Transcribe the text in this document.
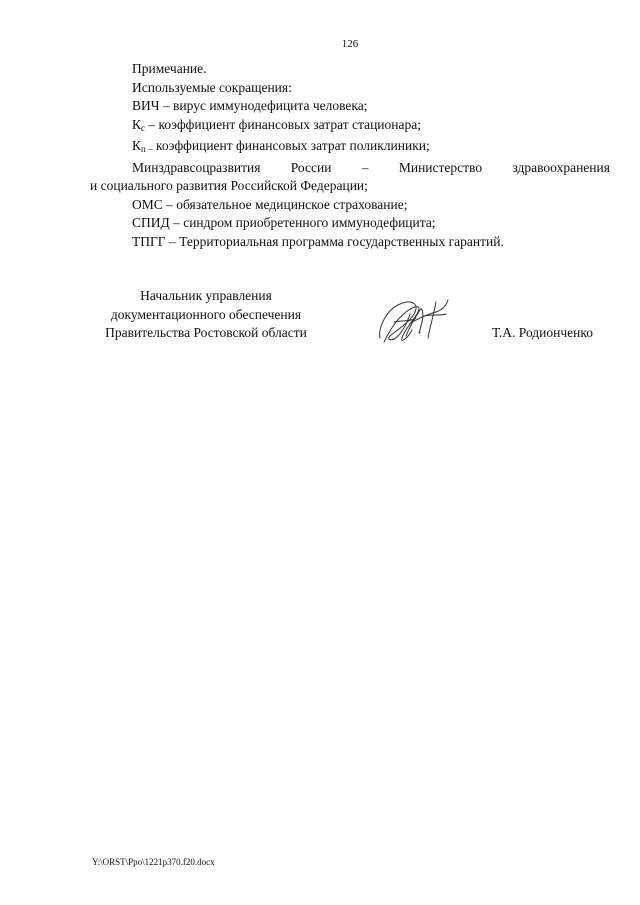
126
Примечание.
Используемые сокращения:
ВИЧ – вирус иммунодефицита человека;
$К_с$ – коэффициент финансовых затрат стационара;
$К_{п -}$ коэффициент финансовых затрат поликлиники;
Минздравсоцразвития России – Министерство здравоохранения
и социального развития Российской Федерации;
ОМС – обязательное медицинское страхование;
СПИД – синдром приобретенного иммунодефицита;
ТПГГ – Территориальная программа государственных гарантий.
Начальник управления
документационного обеспечения
Правительства Ростовской области	Т.А. Родионченко
Y:\ORST\Ppo\1221p370.f20.docx
